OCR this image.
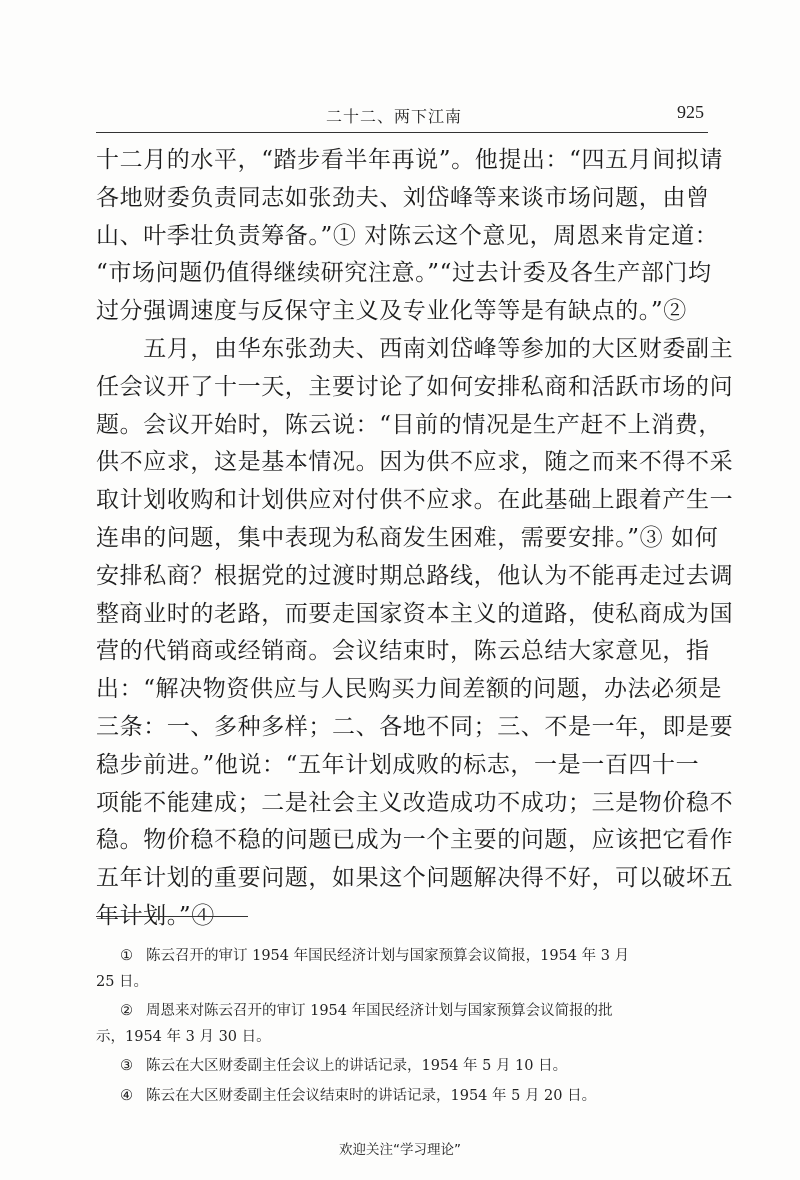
二十二、两下江南	925
十二月的水平，“踏步看半年再说”。他提出：“四五月间拟请
各地财委负责同志如张劲夫、刘岱峰等来谈市场问题，由曾
山、叶季壮负责筹备。”① 对陈云这个意见，周恩来肯定道：
“市场问题仍值得继续研究注意。”“过去计委及各生产部门均
过分强调速度与反保守主义及专业化等等是有缺点的。”②
　　五月，由华东张劲夫、西南刘岱峰等参加的大区财委副主
任会议开了十一天，主要讨论了如何安排私商和活跃市场的问
题。会议开始时，陈云说：“目前的情况是生产赶不上消费，
供不应求，这是基本情况。因为供不应求，随之而来不得不采
取计划收购和计划供应对付供不应求。在此基础上跟着产生一
连串的问题，集中表现为私商发生困难，需要安排。”③ 如何
安排私商？根据党的过渡时期总路线，他认为不能再走过去调
整商业时的老路，而要走国家资本主义的道路，使私商成为国
营的代销商或经销商。会议结束时，陈云总结大家意见，指
出：“解决物资供应与人民购买力间差额的问题，办法必须是
三条：一、多种多样；二、各地不同；三、不是一年，即是要
稳步前进。”他说：“五年计划成败的标志，一是一百四十一
项能不能建成；二是社会主义改造成功不成功；三是物价稳不
稳。物价稳不稳的问题已成为一个主要的问题，应该把它看作
五年计划的重要问题，如果这个问题解决得不好，可以破坏五
年计划。”④
① 陈云召开的审订 1954 年国民经济计划与国家预算会议简报，1954 年 3 月
25 日。
② 周恩来对陈云召开的审订 1954 年国民经济计划与国家预算会议简报的批
示，1954 年 3 月 30 日。
③ 陈云在大区财委副主任会议上的讲话记录，1954 年 5 月 10 日。
④ 陈云在大区财委副主任会议结束时的讲话记录，1954 年 5 月 20 日。
欢迎关注“学习理论”
